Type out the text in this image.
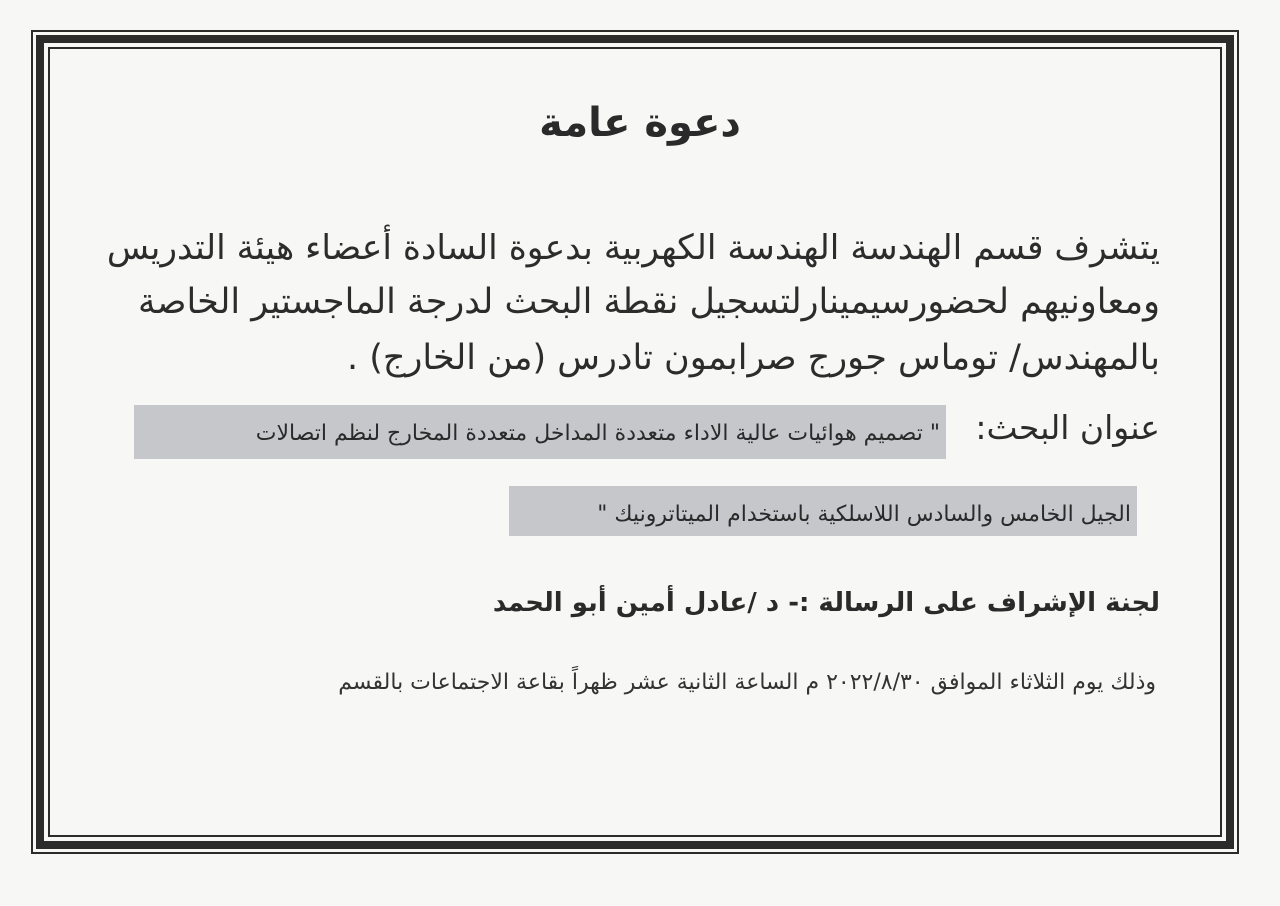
دعوة عامة
يتشرف قسم الهندسة الهندسة الكهربية بدعوة السادة أعضاء هيئة التدريس
ومعاونيهم لحضورسيمينارلتسجيل نقطة البحث لدرجة الماجستير الخاصة
بالمهندس/ توماس جورج صرابمون تادرس (من الخارج) .
عنوان البحث:
" تصميم هوائيات عالية الاداء متعددة المداخل متعددة المخارج لنظم اتصالات
الجيل الخامس والسادس اللاسلكية باستخدام الميتاترونيك "
لجنة الإشراف على الرسالة :- د /عادل أمين أبو الحمد
وذلك يوم الثلاثاء الموافق ٢٠٢٢/٨/٣٠ م الساعة الثانية عشر ظهراً بقاعة الاجتماعات بالقسم
